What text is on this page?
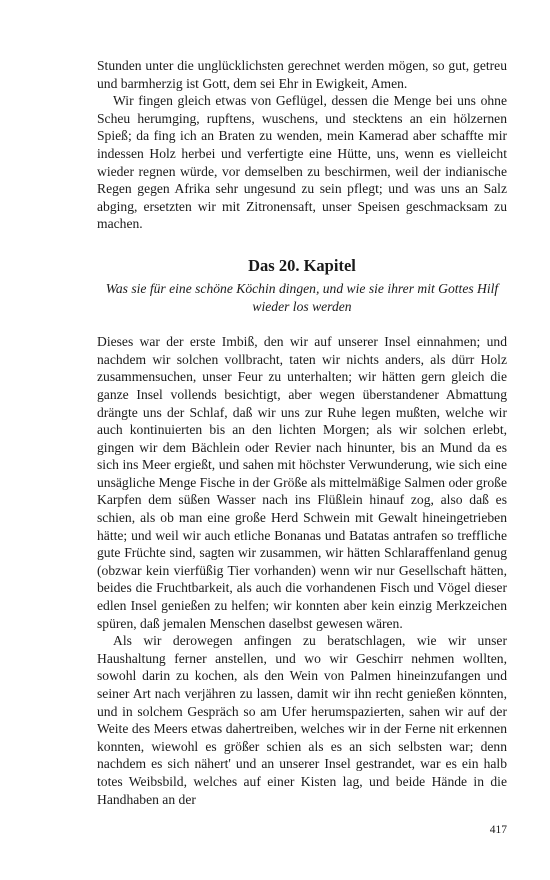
Stunden unter die unglücklichsten gerechnet werden mögen, so gut, getreu und barmherzig ist Gott, dem sei Ehr in Ewigkeit, Amen.

Wir fingen gleich etwas von Geflügel, dessen die Menge bei uns ohne Scheu herumging, rupftens, wuschens, und stecktens an ein hölzernen Spieß; da fing ich an Braten zu wenden, mein Kamerad aber schaffte mir indessen Holz herbei und verfertigte eine Hütte, uns, wenn es vielleicht wieder regnen würde, vor demselben zu beschirmen, weil der indianische Regen gegen Afrika sehr ungesund zu sein pflegt; und was uns an Salz abging, ersetzten wir mit Zitronensaft, unser Speisen geschmacksam zu machen.

Das 20. Kapitel

Was sie für eine schöne Köchin dingen, und wie sie ihrer mit Gottes Hilf wieder los werden

Dieses war der erste Imbiß, den wir auf unserer Insel einnahmen; und nachdem wir solchen vollbracht, taten wir nichts anders, als dürr Holz zusammensuchen, unser Feur zu unterhalten; wir hätten gern gleich die ganze Insel vollends besichtigt, aber wegen überstandener Abmattung drängte uns der Schlaf, daß wir uns zur Ruhe legen mußten, welche wir auch kontinuierten bis an den lichten Morgen; als wir solchen erlebt, gingen wir dem Bächlein oder Revier nach hinunter, bis an Mund da es sich ins Meer ergießt, und sahen mit höchster Verwunderung, wie sich eine unsägliche Menge Fische in der Größe als mittelmäßige Salmen oder große Karpfen dem süßen Wasser nach ins Flüßlein hinauf zog, also daß es schien, als ob man eine große Herd Schwein mit Gewalt hineingetrieben hätte; und weil wir auch etliche Bonanas und Batatas antrafen so treffliche gute Früchte sind, sagten wir zusammen, wir hätten Schlaraffenland genug (obzwar kein vierfüßig Tier vorhanden) wenn wir nur Gesellschaft hätten, beides die Fruchtbarkeit, als auch die vorhandenen Fisch und Vögel dieser edlen Insel genießen zu helfen; wir konnten aber kein einzig Merkzeichen spüren, daß jemalen Menschen daselbst gewesen wären.

Als wir derowegen anfingen zu beratschlagen, wie wir unser Haushaltung ferner anstellen, und wo wir Geschirr nehmen wollten, sowohl darin zu kochen, als den Wein von Palmen hineinzufangen und seiner Art nach verjähren zu lassen, damit wir ihn recht genießen könnten, und in solchem Gespräch so am Ufer herumspazierten, sahen wir auf der Weite des Meers etwas dahertreiben, welches wir in der Ferne nit erkennen konnten, wiewohl es größer schien als es an sich selbsten war; denn nachdem es sich nähert' und an unserer Insel gestrandet, war es ein halb totes Weibsbild, welches auf einer Kisten lag, und beide Hände in die Handhaben an der

417
